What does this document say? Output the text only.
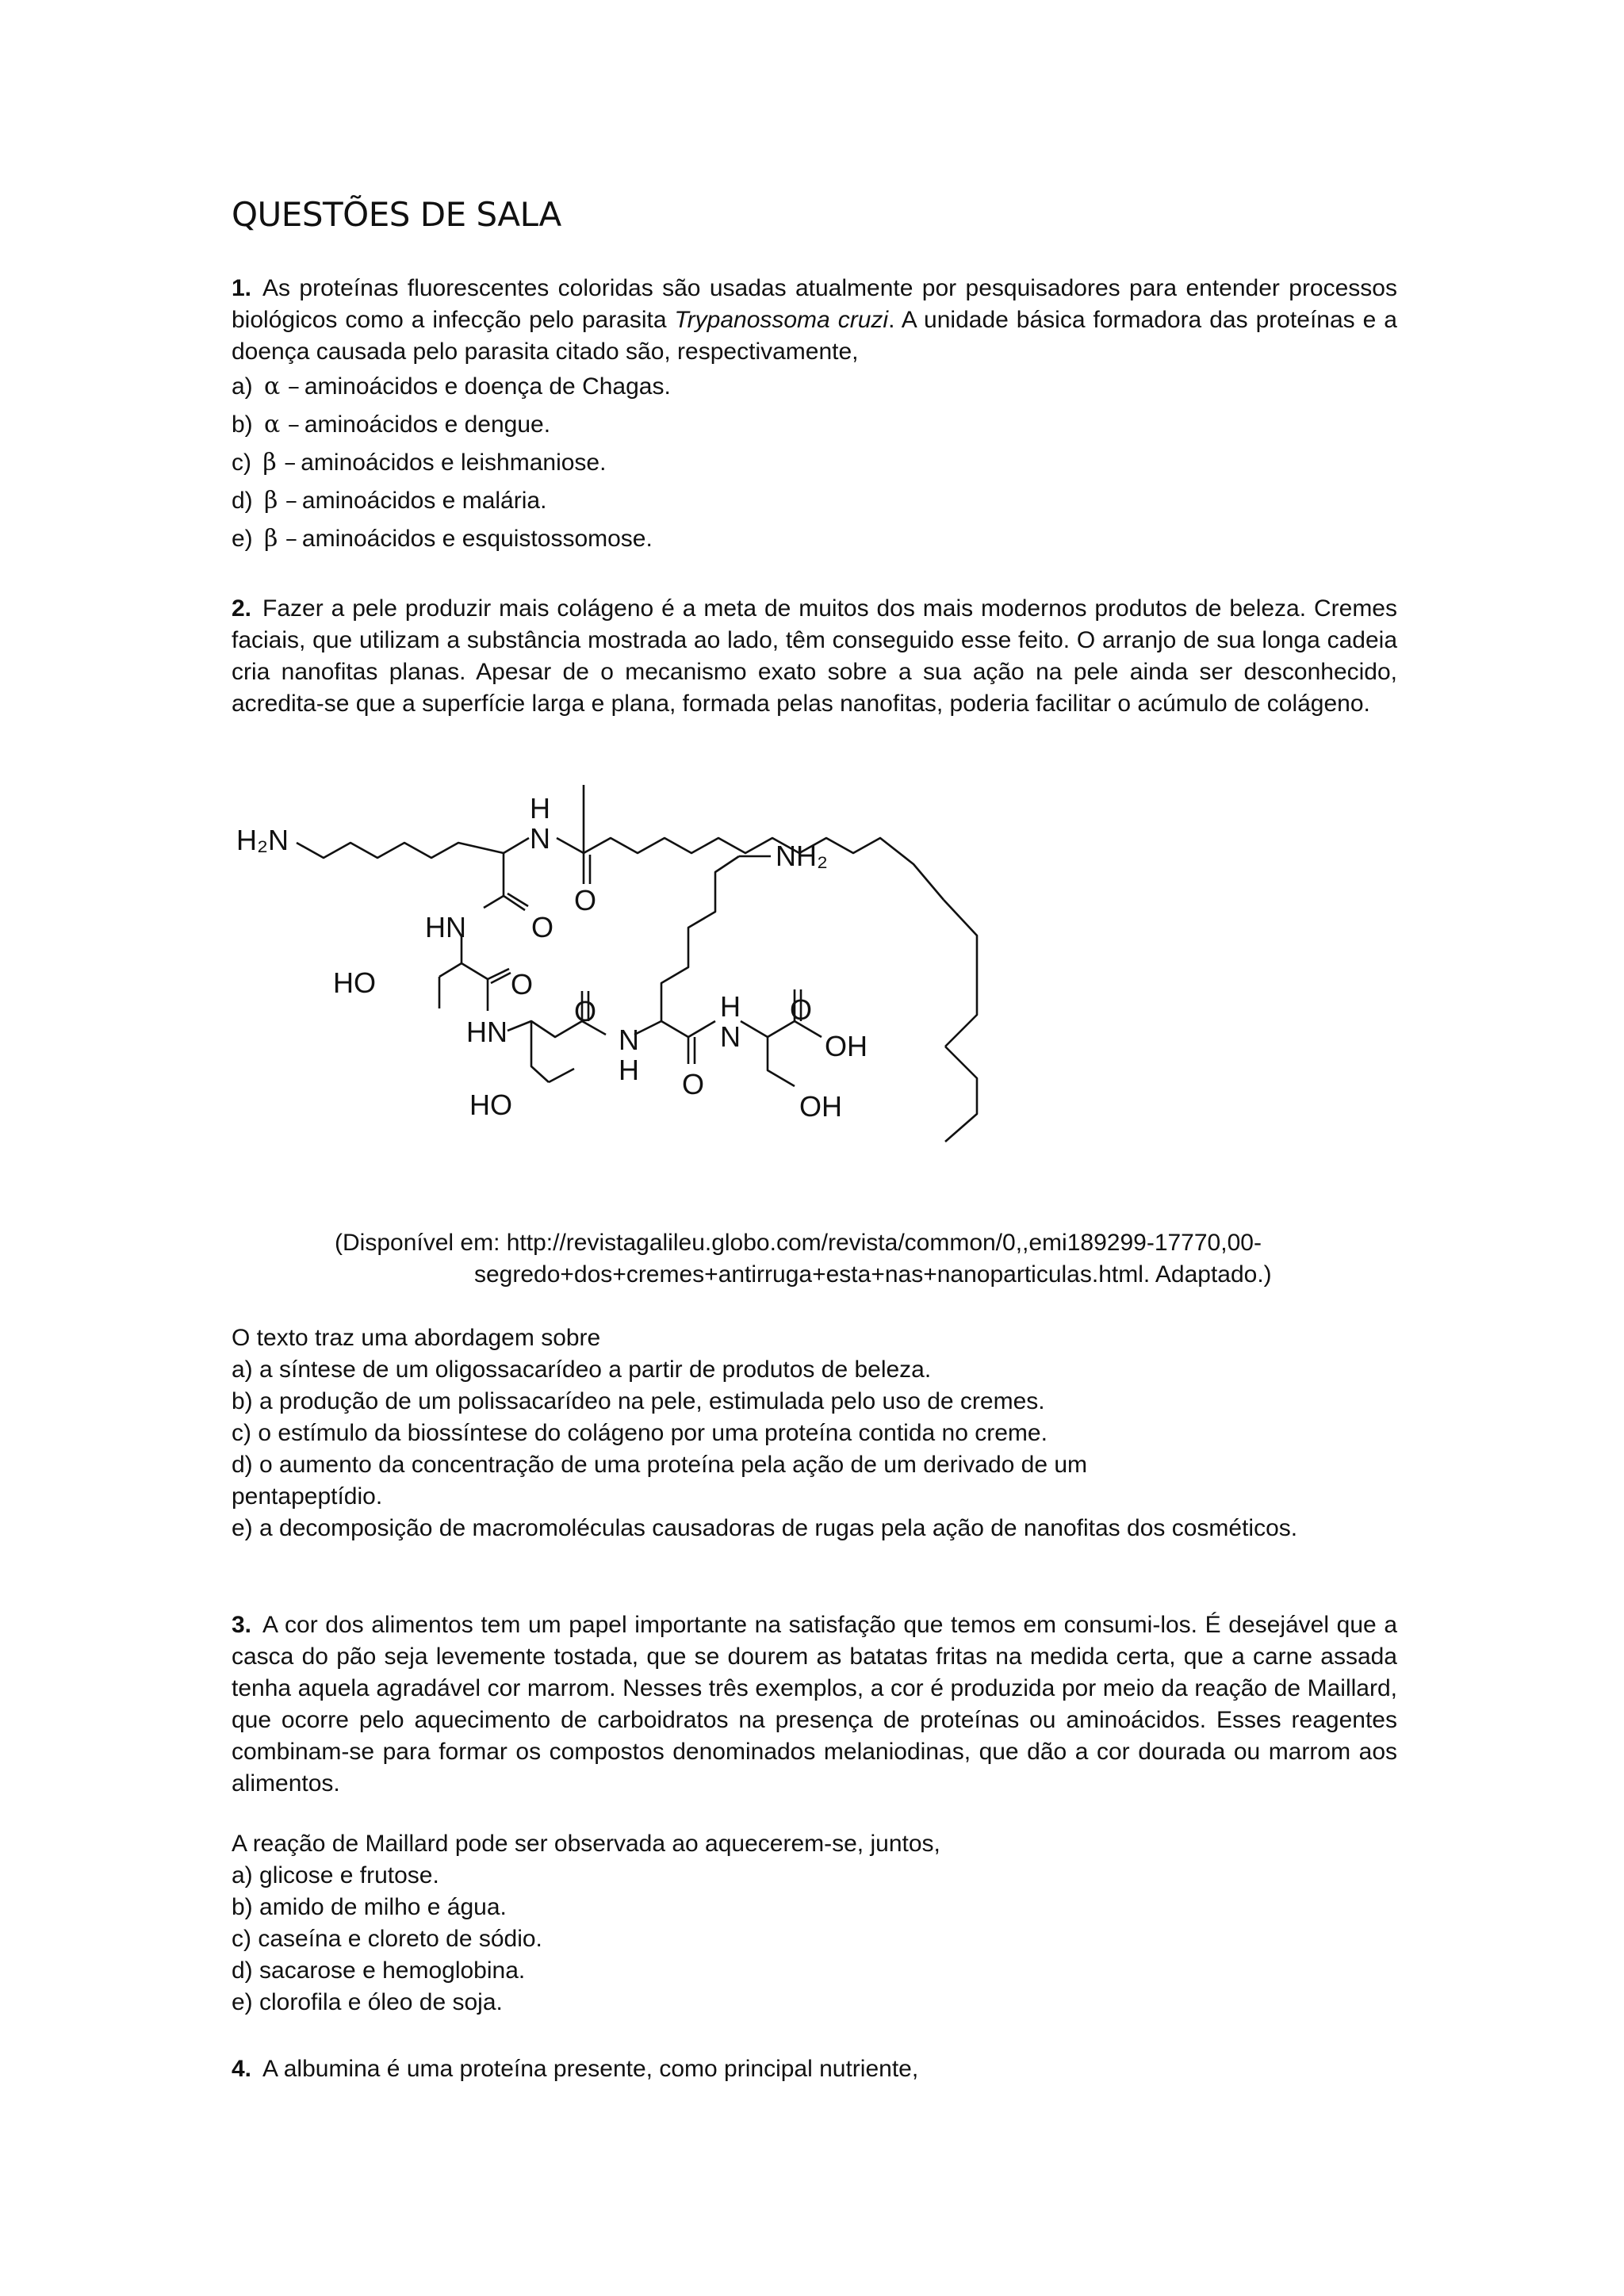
QUESTÕES DE SALA

1. As proteínas fluorescentes coloridas são usadas atualmente por pesquisadores para entender processos biológicos como a infecção pelo parasita Trypanossoma cruzi. A unidade básica formadora das proteínas e a doença causada pelo parasita citado são, respectivamente,

a) α – aminoácidos e doença de Chagas.
b) α – aminoácidos e dengue.
c) β – aminoácidos e leishmaniose.
d) β – aminoácidos e malária.
e) β – aminoácidos e esquistossomose.

2. Fazer a pele produzir mais colágeno é a meta de muitos dos mais modernos produtos de beleza. Cremes faciais, que utilizam a substância mostrada ao lado, têm conseguido esse feito. O arranjo de sua longa cadeia cria nanofitas planas. Apesar de o mecanismo exato sobre a sua ação na pele ainda ser desconhecido, acredita-se que a superfície larga e plana, formada pelas nanofitas, poderia facilitar o acúmulo de colágeno.

H₂N
H
N
O
HN O
HO	O
HN
O
N
H O
H
N
O
OH
NH₂
HO	OH
(Disponível em: http://revistagalileu.globo.com/revista/common/0,,emi189299-17770,00-
segredo+dos+cremes+antirruga+esta+nas+nanoparticulas.html. Adaptado.)
O texto traz uma abordagem sobre
a) a síntese de um oligossacarídeo a partir de produtos de beleza.
b) a produção de um polissacarídeo na pele, estimulada pelo uso de cremes.
c) o estímulo da biossíntese do colágeno por uma proteína contida no creme.
d) o aumento da concentração de uma proteína pela ação de um derivado de um pentapeptídio.
e) a decomposição de macromoléculas causadoras de rugas pela ação de nanofitas dos cosméticos.

3. A cor dos alimentos tem um papel importante na satisfação que temos em consumi-los. É desejável que a casca do pão seja levemente tostada, que se dourem as batatas fritas na medida certa, que a carne assada tenha aquela agradável cor marrom. Nesses três exemplos, a cor é produzida por meio da reação de Maillard, que ocorre pelo aquecimento de carboidratos na presença de proteínas ou aminoácidos. Esses reagentes combinam-se para formar os compostos denominados melaniodinas, que dão a cor dourada ou marrom aos alimentos.

A reação de Maillard pode ser observada ao aquecerem-se, juntos,
a) glicose e frutose.
b) amido de milho e água.
c) caseína e cloreto de sódio.
d) sacarose e hemoglobina.
e) clorofila e óleo de soja.

4. A albumina é uma proteína presente, como principal nutriente,
